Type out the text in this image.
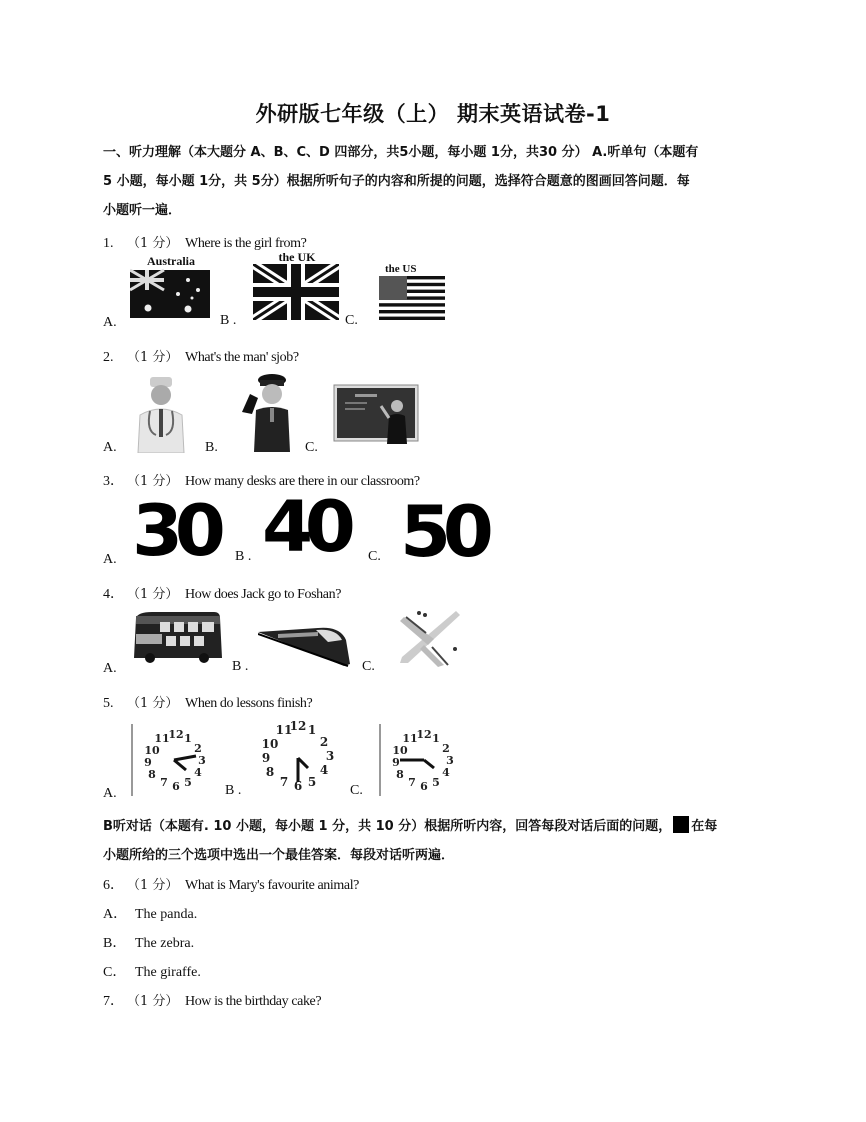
外研版七年级（上） 期末英语试卷-1
一、听力理解（本大题分 A、B、C、D 四部分，共5小题，每小题 1分，共30 分） A.听单句（本题有
5 小题，每小题 1分，共 5分）根据所听句子的内容和所提的问题，选择符合题意的图画回答问题．每
小题听一遍．
1. （1 分） Where is the girl from?
A.
Australia
B .
the UK
C.
the US
2. （1 分） What's the man' sjob?
A.	B.	C.
3． （1 分） How many desks are there in our classroom?
A. 30 B . 40 C. 50
4． （1 分） How does Jack go to Foshan?
A.	B .	C.
5. （1 分） When do lessons finish?
A.
12 1
2
3
4
5
6
7
8
9
10
11
B .
12 1
2
3
4
5
6
7
8
9
10
11
C.
12 1
2
3
4
5
6
7
8
9
10
11
B听对话（本题有. 10 小题，每小题 1 分，共 10 分）根据所听内容，回答每段对话后面的问题， 在每
小题所给的三个选项中选出一个最佳答案．每段对话听两遍．
6． （1 分） What is Mary's favourite animal?
A． The panda.
B． The zebra.
C． The giraffe.
7． （1 分） How is the birthday cake?
